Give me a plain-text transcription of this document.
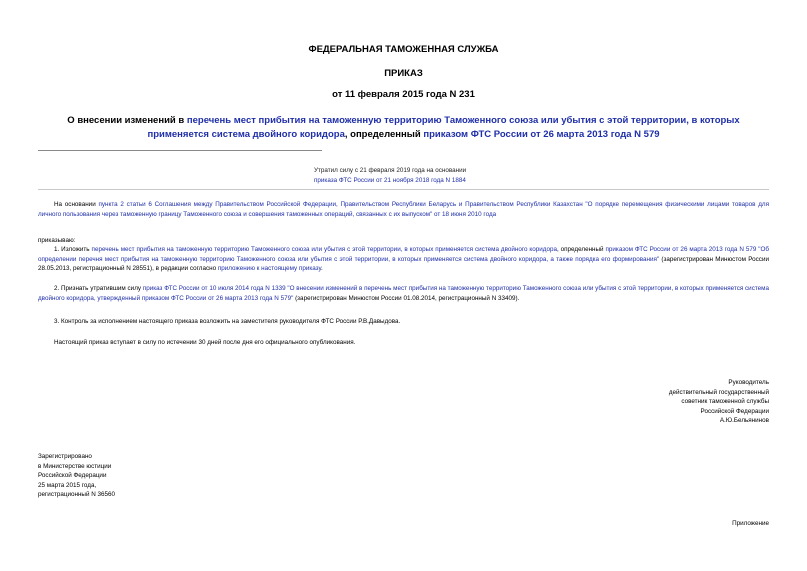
ФЕДЕРАЛЬНАЯ ТАМОЖЕННАЯ СЛУЖБА
ПРИКАЗ
от 11 февраля 2015 года N 231
О внесении изменений в перечень мест прибытия на таможенную территорию Таможенного союза или убытия с этой территории, в которых применяется система двойного коридора, определенный приказом ФТС России от 26 марта 2013 года N 579
Утратил силу с 21 февраля 2019 года на основании
приказа ФТС России от 21 ноября 2018 года N 1884
На основании пункта 2 статьи 6 Соглашения между Правительством Российской Федерации, Правительством Республики Беларусь и Правительством Республики Казахстан "О порядке перемещения физическими лицами товаров для личного пользования через таможенную границу Таможенного союза и совершения таможенных операций, связанных с их выпуском" от 18 июня 2010 года
приказываю:
1. Изложить перечень мест прибытия на таможенную территорию Таможенного союза или убытия с этой территории, в которых применяется система двойного коридора, определенный приказом ФТС России от 26 марта 2013 года N 579 "Об определении перечня мест прибытия на таможенную территорию Таможенного союза или убытия с этой территории, в которых применяется система двойного коридора, а также порядка его формирования" (зарегистрирован Минюстом России 28.05.2013, регистрационный N 28551), в редакции согласно приложению к настоящему приказу.
2. Признать утратившим силу приказ ФТС России от 10 июля 2014 года N 1339 "О внесении изменений в перечень мест прибытия на таможенную территорию Таможенного союза или убытия с этой территории, в которых применяется система двойного коридора, утвержденный приказом ФТС России от 26 марта 2013 года N 579" (зарегистрирован Минюстом России 01.08.2014, регистрационный N 33409).
3. Контроль за исполнением настоящего приказа возложить на заместителя руководителя ФТС России Р.В.Давыдова.
Настоящий приказ вступает в силу по истечении 30 дней после дня его официального опубликования.
Руководитель
действительный государственный
советник таможенной службы
Российской Федерации
А.Ю.Бельянинов
Зарегистрировано
в Министерстве юстиции
Российской Федерации
25 марта 2015 года,
регистрационный N 36560
Приложение
